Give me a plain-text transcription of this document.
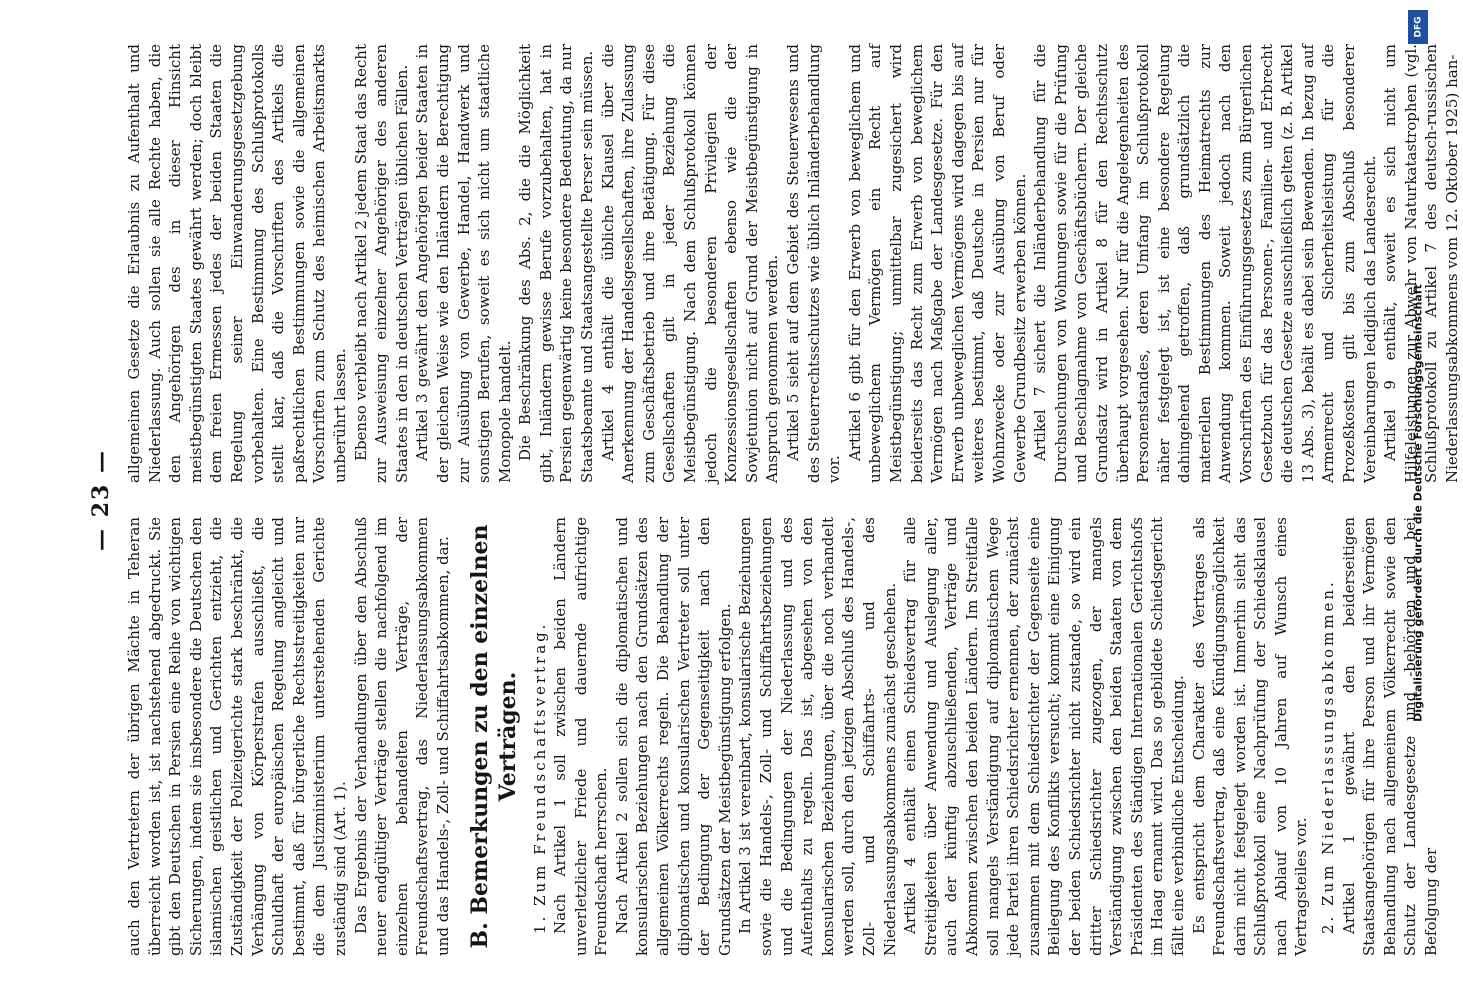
— 23 —

auch den Vertretern der übrigen Mächte in Teheran überreicht worden ist, ist nachstehend abgedruckt. Sie gibt den Deutschen in Persien eine Reihe von wichtigen Sicherungen, indem sie insbesondere die Deutschen den islamischen geistlichen und Gerichten entzieht, die Zuständigkeit der Polizeigerichte stark beschränkt, die Verhängung von Körperstrafen ausschließt, die Schuldhaft der europäischen Regelung angleicht und bestimmt, daß für bürgerliche Rechtsstreitigkeiten nur die dem Justizministerium unterstehenden Gerichte zuständig sind (Art. 1). Das Ergebnis der Verhandlungen über den Abschluß neuer endgültiger Verträge stellen die nachfolgend im einzelnen behandelten Verträge, der Freundschaftsvertrag, das Niederlassungsabkommen und das Handels-, Zoll- und Schiffahrtsabkommen, dar. B. Bemerkungen zu den einzelnen Verträgen. 1. Zum Freundschaftsvertrag. Nach Artikel 1 soll zwischen beiden Ländern unverletzlicher Friede und dauernde aufrichtige Freundschaft herrschen. Nach Artikel 2 sollen sich die diplomatischen und konsularischen Beziehungen nach den Grundsätzen des allgemeinen Völkerrechts regeln. Die Behandlung der diplomatischen und konsularischen Vertreter soll unter der Bedingung der Gegenseitigkeit nach den Grundsätzen der Meistbegünstigung erfolgen. In Artikel 3 ist vereinbart, konsularische Beziehungen sowie die Handels-, Zoll- und Schiffahrtsbeziehungen und die Bedingungen der Niederlassung und des Aufenthalts zu regeln. Das ist, abgesehen von den konsularischen Beziehungen, über die noch verhandelt werden soll, durch den jetzigen Abschluß des Handels-, Zoll- und Schiffahrts- und des Niederlassungsabkommens zunächst geschehen. Artikel 4 enthält einen Schiedsvertrag für alle Streitigkeiten über Anwendung und Auslegung aller, auch der künftig abzuschließenden, Verträge und Abkommen zwischen den beiden Ländern. Im Streitfalle soll mangels Verständigung auf diplomatischem Wege jede Partei ihren Schiedsrichter ernennen, der zunächst zusammen mit dem Schiedsrichter der Gegenseite eine Beilegung des Konflikts versucht; kommt eine Einigung der beiden Schiedsrichter nicht zustande, so wird ein dritter Schiedsrichter zugezogen, der mangels Verständigung zwischen den beiden Staaten von dem Präsidenten des Ständigen Internationalen Gerichtshofs im Haag ernannt wird. Das so gebildete Schiedsgericht fällt eine verbindliche Entscheidung. Es entspricht dem Charakter des Vertrages als Freundschaftsvertrag, daß eine Kündigungsmöglichkeit darin nicht festgelegt worden ist. Immerhin sieht das Schlußprotokoll eine Nachprüfung der Schiedsklausel nach Ablauf von 10 Jahren auf Wunsch eines Vertragsteiles vor. 2. Zum Niederlassungsabkommen. Artikel 1 gewährt den beiderseitigen Staatsangehörigen für ihre Person und ihr Vermögen Behandlung nach allgemeinem Völkerrecht sowie den Schutz der Landesgesetze und -behörden und bei Befolgung der

allgemeinen Gesetze die Erlaubnis zu Aufenthalt und Niederlassung. Auch sollen sie alle Rechte haben, die den Angehörigen des in dieser Hinsicht meistbegünstigten Staates gewährt werden; doch bleibt dem freien Ermessen jedes der beiden Staaten die Regelung seiner Einwanderungsgesetzgebung vorbehalten. Eine Bestimmung des Schlußprotokolls stellt klar, daß die Vorschriften des Artikels die paßrechtlichen Bestimmungen sowie die allgemeinen Vorschriften zum Schutz des heimischen Arbeitsmarkts unberührt lassen. Ebenso verbleibt nach Artikel 2 jedem Staat das Recht zur Ausweisung einzelner Angehöriger des anderen Staates in den in deutschen Verträgen üblichen Fällen. Artikel 3 gewährt den Angehörigen beider Staaten in der gleichen Weise wie den Inländern die Berechtigung zur Ausübung von Gewerbe, Handel, Handwerk und sonstigen Berufen, soweit es sich nicht um staatliche Monopole handelt. Die Beschränkung des Abs. 2, die die Möglichkeit gibt, Inländern gewisse Berufe vorzubehalten, hat in Persien gegenwärtig keine besondere Bedeutung, da nur Staatsbeamte und Staatsangestellte Perser sein müssen. Artikel 4 enthält die übliche Klausel über die Anerkennung der Handelsgesellschaften, ihre Zulassung zum Geschäftsbetrieb und ihre Betätigung. Für diese Gesellschaften gilt in jeder Beziehung die Meistbegünstigung. Nach dem Schlußprotokoll können jedoch die besonderen Privilegien der Konzessionsgesellschaften ebenso wie die der Sowjetunion nicht auf Grund der Meistbegünstigung in Anspruch genommen werden. Artikel 5 sieht auf dem Gebiet des Steuerwesens und des Steuerrechtsschutzes wie üblich Inländerbehandlung vor.

Artikel 6 gibt für den Erwerb von beweglichem und unbeweglichem Vermögen ein Recht auf Meistbegünstigung; unmittelbar zugesichert wird beiderseits das Recht zum Erwerb von beweglichem Vermögen nach Maßgabe der Landesgesetze. Für den Erwerb unbeweglichen Vermögens wird dagegen bis auf weiteres bestimmt, daß Deutsche in Persien nur für Wohnzwecke oder zur Ausübung von Beruf oder Gewerbe Grundbesitz erwerben können. Artikel 7 sichert die Inländerbehandlung für die Durchsuchungen von Wohnungen sowie für die Prüfung und Beschlagnahme von Geschäftsbüchern. Der gleiche Grundsatz wird in Artikel 8 für den Rechtsschutz überhaupt vorgesehen. Nur für die Angelegenheiten des Personenstandes, deren Umfang im Schlußprotokoll näher festgelegt ist, ist eine besondere Regelung dahingehend getroffen, daß grundsätzlich die materiellen Bestimmungen des Heimatrechts zur Anwendung kommen. Soweit jedoch nach den Vorschriften des Einführungsgesetzes zum Bürgerlichen Gesetzbuch für das Personen-, Familien- und Erbrecht die deutschen Gesetze ausschließlich gelten (z. B. Artikel 13 Abs. 3), behält es dabei sein Bewenden. In bezug auf Armenrecht und Sicherheitsleistung für die Prozeßkosten gilt bis zum Abschluß besonderer Vereinbarungen lediglich das Landesrecht. Artikel 9 enthält, soweit es sich nicht um Hilfeleistungen zur Abwehr von Naturkatastrophen (vgl. Schlußprotokoll zu Artikel 7 des deutsch-russischen Niederlassungsabkommens vom 12. Oktober 1925) han-

DFG
Digitalisierung gefördert durch die Deutsche Forschungsgemeinschaft
